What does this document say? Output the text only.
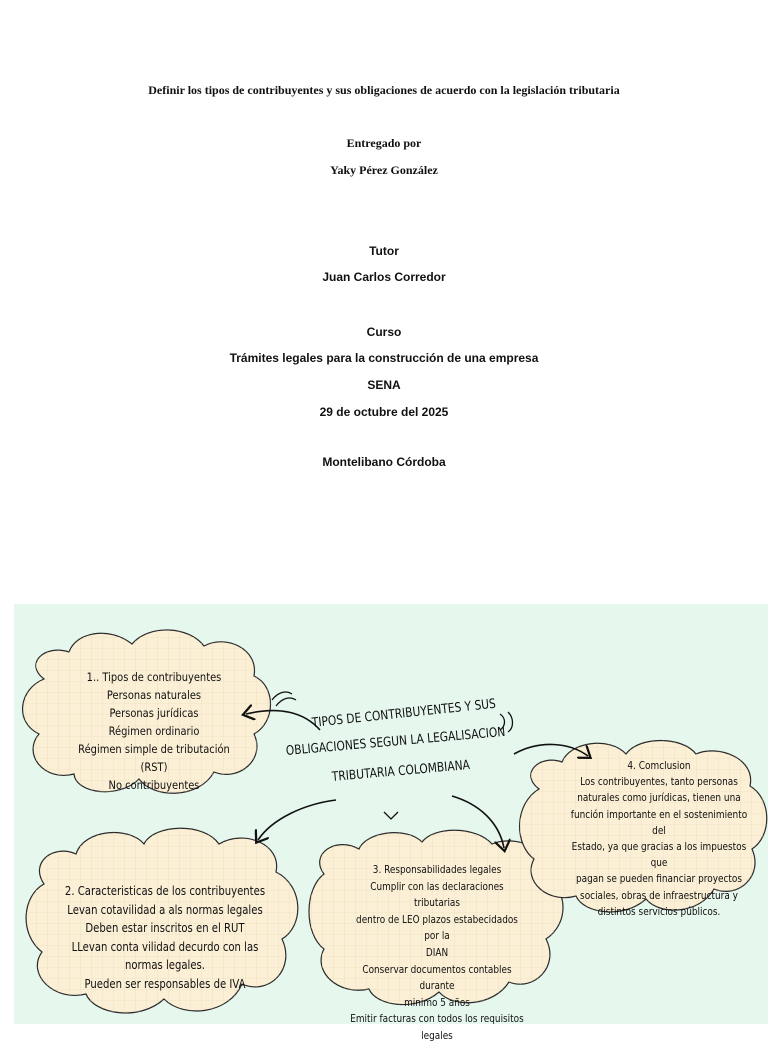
Definir los tipos de contribuyentes y sus obligaciones de acuerdo con la legislación tributaria
Entregado por
Yaky Pérez González
Tutor
Juan Carlos Corredor
Curso
Trámites legales para la construcción de una empresa
SENA
29 de octubre del 2025
Montelibano Córdoba
TIPOS DE CONTRIBUYENTES Y SUS
OBLIGACIONES SEGUN LA LEGALISACION
TRIBUTARIA COLOMBIANA
1.. Tipos de contribuyentes
Personas naturales
Personas jurídicas
Régimen ordinario
Régimen simple de tributación (RST)
No contribuyentes
2. Caracteristicas de los contribuyentes
Levan cotavilidad a als normas legales
Deben estar inscritos en el RUT
LLevan conta vilidad decurdo con las
normas legales.
Pueden ser responsables de IVA
3. Responsabilidades legales
Cumplir con las declaraciones tributarias
dentro de LEO plazos estabecidados por la
DIAN
Conservar documentos contables durante
minimo 5 años
Emitir facturas con todos los requisitos
legales
4. Comclusion
Los contribuyentes, tanto personas
naturales como jurídicas, tienen una
función importante en el sostenimiento del
Estado, ya que gracias a los impuestos que
pagan se pueden financiar proyectos
sociales, obras de infraestructura y
distintos servicios públicos.
